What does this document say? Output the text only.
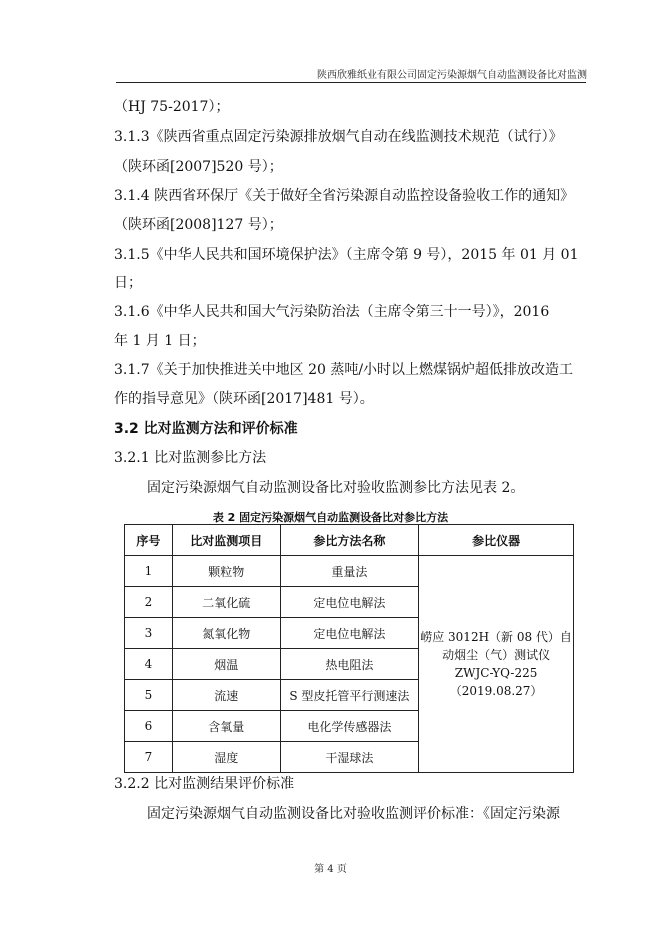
陕西欣雅纸业有限公司固定污染源烟气自动监测设备比对监测
（HJ 75-2017）；
3.1.3《陕西省重点固定污染源排放烟气自动在线监测技术规范（试行）》
（陕环函[2007]520 号）；
3.1.4 陕西省环保厅《关于做好全省污染源自动监控设备验收工作的通知》
（陕环函[2008]127 号）；
3.1.5《中华人民共和国环境保护法》（主席令第 9 号），2015 年 01 月 01
日；
3.1.6《中华人民共和国大气污染防治法（主席令第三十一号）》，2016
年 1 月 1 日；
3.1.7《关于加快推进关中地区 20 蒸吨/小时以上燃煤锅炉超低排放改造工
作的指导意见》（陕环函[2017]481 号）。
3.2 比对监测方法和评价标准
3.2.1 比对监测参比方法
固定污染源烟气自动监测设备比对验收监测参比方法见表 2。
表 2 固定污染源烟气自动监测设备比对参比方法
序号	比对监测项目	参比方法名称	参比仪器
1	颗粒物	重量法	崂应 3012H（新 08 代）自
动烟尘（气）测试仪
ZWJC-YQ-225（2019.08.27）

2	二氧化硫	定电位电解法	
3	氮氧化物	定电位电解法	
4	烟温	热电阻法	
5	流速	S 型皮托管平行测速法	
6	含氧量	电化学传感器法	
7	湿度	干湿球法	
3.2.2 比对监测结果评价标准
固定污染源烟气自动监测设备比对验收监测评价标准：《固定污染源
第 4 页
